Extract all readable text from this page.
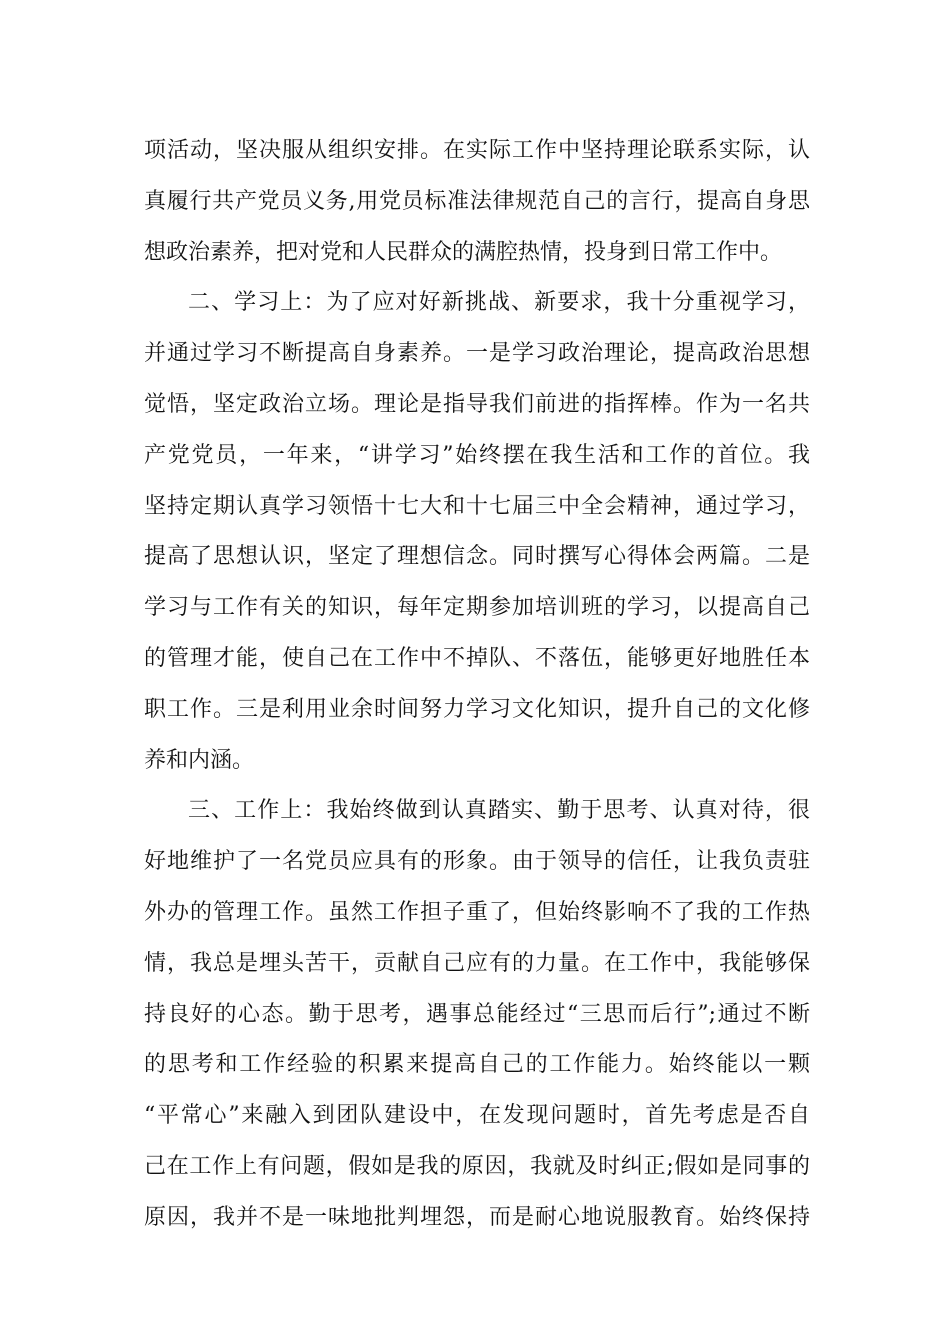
项活动，坚决服从组织安排。在实际工作中坚持理论联系实际，认
真履行共产党员义务,用党员标准法律规范自己的言行，提高自身思
想政治素养，把对党和人民群众的满腔热情，投身到日常工作中。
二、学习上：为了应对好新挑战、新要求，我十分重视学习，
并通过学习不断提高自身素养。一是学习政治理论，提高政治思想
觉悟，坚定政治立场。理论是指导我们前进的指挥棒。作为一名共
产党党员，一年来，“讲学习”始终摆在我生活和工作的首位。我
坚持定期认真学习领悟十七大和十七届三中全会精神，通过学习，
提高了思想认识，坚定了理想信念。同时撰写心得体会两篇。二是
学习与工作有关的知识，每年定期参加培训班的学习，以提高自己
的管理才能，使自己在工作中不掉队、不落伍，能够更好地胜任本
职工作。三是利用业余时间努力学习文化知识，提升自己的文化修
养和内涵。
三、工作上：我始终做到认真踏实、勤于思考、认真对待，很
好地维护了一名党员应具有的形象。由于领导的信任，让我负责驻
外办的管理工作。虽然工作担子重了，但始终影响不了我的工作热
情，我总是埋头苦干，贡献自己应有的力量。在工作中，我能够保
持良好的心态。勤于思考，遇事总能经过“三思而后行”;通过不断
的思考和工作经验的积累来提高自己的工作能力。始终能以一颗
“平常心”来融入到团队建设中，在发现问题时，首先考虑是否自
己在工作上有问题，假如是我的原因，我就及时纠正;假如是同事的
原因，我并不是一味地批判埋怨，而是耐心地说服教育。始终保持
